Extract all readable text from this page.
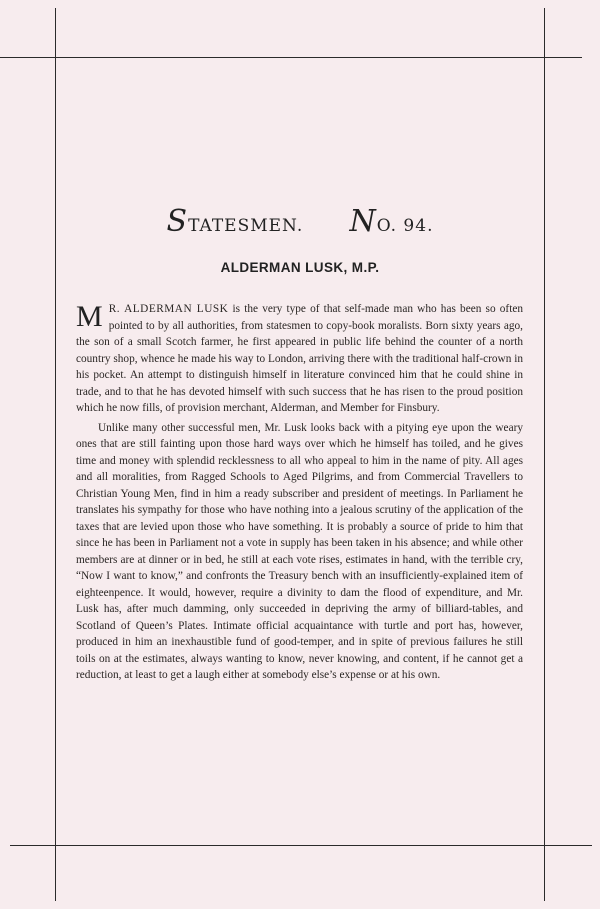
STATESMEN. NO. 94.
ALDERMAN LUSK, M.P.

M R. ALDERMAN LUSK is the very type of that self-made man who has been so often pointed to by all authorities, from statesmen to copy-book moralists. Born sixty years ago, the son of a small Scotch farmer, he first appeared in public life behind the counter of a north country shop, whence he made his way to London, arriving there with the traditional half-crown in his pocket. An attempt to distinguish himself in literature convinced him that he could shine in trade, and to that he has devoted himself with such success that he has risen to the proud position which he now fills, of provision merchant, Alderman, and Member for Finsbury.

Unlike many other successful men, Mr. Lusk looks back with a pitying eye upon the weary ones that are still fainting upon those hard ways over which he himself has toiled, and he gives time and money with splendid recklessness to all who appeal to him in the name of pity. All ages and all moralities, from Ragged Schools to Aged Pilgrims, and from Commercial Travellers to Christian Young Men, find in him a ready subscriber and president of meetings. In Parliament he translates his sympathy for those who have nothing into a jealous scrutiny of the application of the taxes that are levied upon those who have something. It is probably a source of pride to him that since he has been in Parliament not a vote in supply has been taken in his absence; and while other members are at dinner or in bed, he still at each vote rises, estimates in hand, with the terrible cry, “Now I want to know,” and confronts the Treasury bench with an insufficiently-explained item of eighteenpence. It would, however, require a divinity to dam the flood of expenditure, and Mr. Lusk has, after much damming, only succeeded in depriving the army of billiard-tables, and Scotland of Queen’s Plates. Intimate official acquaintance with turtle and port has, however, produced in him an inexhaustible fund of good-temper, and in spite of previous failures he still toils on at the estimates, always wanting to know, never knowing, and content, if he cannot get a reduction, at least to get a laugh either at somebody else’s expense or at his own.
